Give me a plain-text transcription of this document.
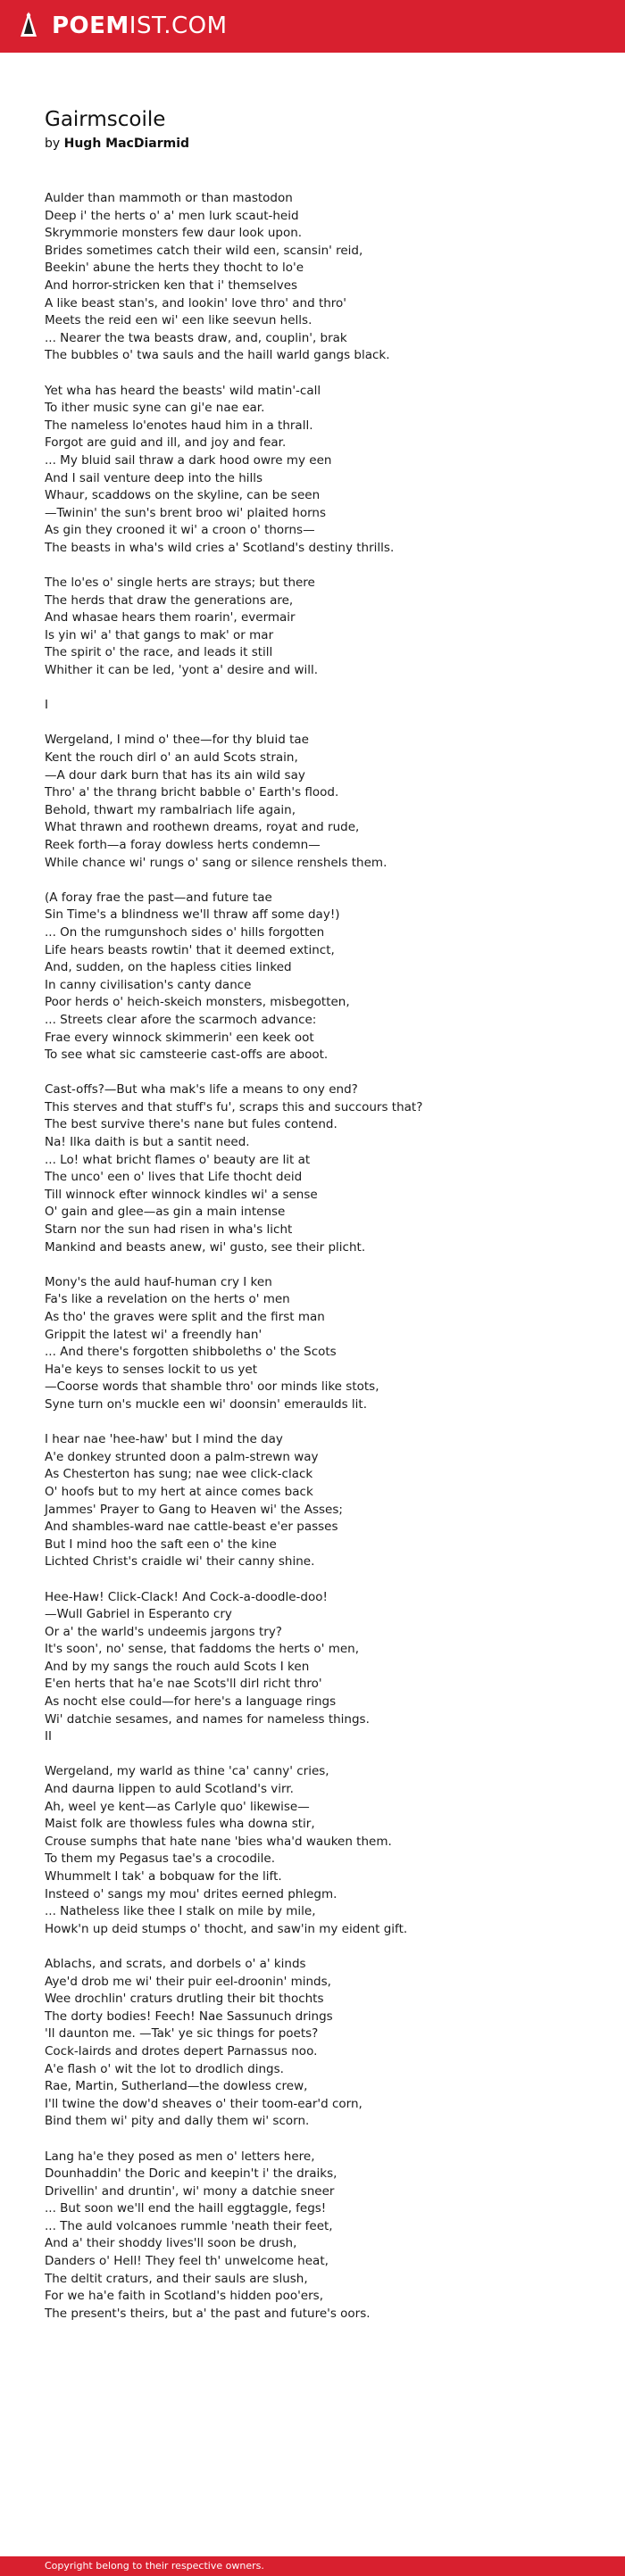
POEMIST.COM
Gairmscoile
by Hugh MacDiarmid
Aulder than mammoth or than mastodon
Deep i' the herts o' a' men lurk scaut-heid
Skrymmorie monsters few daur look upon.
Brides sometimes catch their wild een, scansin' reid,
Beekin' abune the herts they thocht to lo'e
And horror-stricken ken that i' themselves
A like beast stan's, and lookin' love thro' and thro'
Meets the reid een wi' een like seevun hells.
... Nearer the twa beasts draw, and, couplin', brak
The bubbles o' twa sauls and the haill warld gangs black.
Yet wha has heard the beasts' wild matin'-call
To ither music syne can gi'e nae ear.
The nameless lo'enotes haud him in a thrall.
Forgot are guid and ill, and joy and fear.
... My bluid sail thraw a dark hood owre my een
And I sail venture deep into the hills
Whaur, scaddows on the skyline, can be seen
—Twinin' the sun's brent broo wi' plaited horns
As gin they crooned it wi' a croon o' thorns—
The beasts in wha's wild cries a' Scotland's destiny thrills.
The lo'es o' single herts are strays; but there
The herds that draw the generations are,
And whasae hears them roarin', evermair
Is yin wi' a' that gangs to mak' or mar
The spirit o' the race, and leads it still
Whither it can be led, 'yont a' desire and will.
I
Wergeland, I mind o' thee—for thy bluid tae
Kent the rouch dirl o' an auld Scots strain,
—A dour dark burn that has its ain wild say
Thro' a' the thrang bricht babble o' Earth's flood.
Behold, thwart my rambalriach life again,
What thrawn and roothewn dreams, royat and rude,
Reek forth—a foray dowless herts condemn—
While chance wi' rungs o' sang or silence renshels them.
(A foray frae the past—and future tae
Sin Time's a blindness we'll thraw aff some day!)
... On the rumgunshoch sides o' hills forgotten
Life hears beasts rowtin' that it deemed extinct,
And, sudden, on the hapless cities linked
In canny civilisation's canty dance
Poor herds o' heich-skeich monsters, misbegotten,
... Streets clear afore the scarmoch advance:
Frae every winnock skimmerin' een keek oot
To see what sic camsteerie cast-offs are aboot.
Cast-offs?—But wha mak's life a means to ony end?
This sterves and that stuff's fu', scraps this and succours that?
The best survive there's nane but fules contend.
Na! Ilka daith is but a santit need.
... Lo! what bricht flames o' beauty are lit at
The unco' een o' lives that Life thocht deid
Till winnock efter winnock kindles wi' a sense
O' gain and glee—as gin a main intense
Starn nor the sun had risen in wha's licht
Mankind and beasts anew, wi' gusto, see their plicht.
Mony's the auld hauf-human cry I ken
Fa's like a revelation on the herts o' men
As tho' the graves were split and the first man
Grippit the latest wi' a freendly han'
... And there's forgotten shibboleths o' the Scots
Ha'e keys to senses lockit to us yet
—Coorse words that shamble thro' oor minds like stots,
Syne turn on's muckle een wi' doonsin' emeraulds lit.
I hear nae 'hee-haw' but I mind the day
A'e donkey strunted doon a palm-strewn way
As Chesterton has sung; nae wee click-clack
O' hoofs but to my hert at aince comes back
Jammes' Prayer to Gang to Heaven wi' the Asses;
And shambles-ward nae cattle-beast e'er passes
But I mind hoo the saft een o' the kine
Lichted Christ's craidle wi' their canny shine.
Hee-Haw! Click-Clack! And Cock-a-doodle-doo!
—Wull Gabriel in Esperanto cry
Or a' the warld's undeemis jargons try?
It's soon', no' sense, that faddoms the herts o' men,
And by my sangs the rouch auld Scots I ken
E'en herts that ha'e nae Scots'll dirl richt thro'
As nocht else could—for here's a language rings
Wi' datchie sesames, and names for nameless things.
II
Wergeland, my warld as thine 'ca' canny' cries,
And daurna lippen to auld Scotland's virr.
Ah, weel ye kent—as Carlyle quo' likewise—
Maist folk are thowless fules wha downa stir,
Crouse sumphs that hate nane 'bies wha'd wauken them.
To them my Pegasus tae's a crocodile.
Whummelt I tak' a bobquaw for the lift.
Insteed o' sangs my mou' drites eerned phlegm.
... Natheless like thee I stalk on mile by mile,
Howk'n up deid stumps o' thocht, and saw'in my eident gift.
Ablachs, and scrats, and dorbels o' a' kinds
Aye'd drob me wi' their puir eel-droonin' minds,
Wee drochlin' craturs drutling their bit thochts
The dorty bodies! Feech! Nae Sassunuch drings
'Il daunton me. —Tak' ye sic things for poets?
Cock-lairds and drotes depert Parnassus noo.
A'e flash o' wit the lot to drodlich dings.
Rae, Martin, Sutherland—the dowless crew,
I'll twine the dow'd sheaves o' their toom-ear'd corn,
Bind them wi' pity and dally them wi' scorn.
Lang ha'e they posed as men o' letters here,
Dounhaddin' the Doric and keepin't i' the draiks,
Drivellin' and druntin', wi' mony a datchie sneer
... But soon we'll end the haill eggtaggle, fegs!
... The auld volcanoes rummle 'neath their feet,
And a' their shoddy lives'll soon be drush,
Danders o' Hell! They feel th' unwelcome heat,
The deltit craturs, and their sauls are slush,
For we ha'e faith in Scotland's hidden poo'ers,
The present's theirs, but a' the past and future's oors.
Copyright belong to their respective owners.
